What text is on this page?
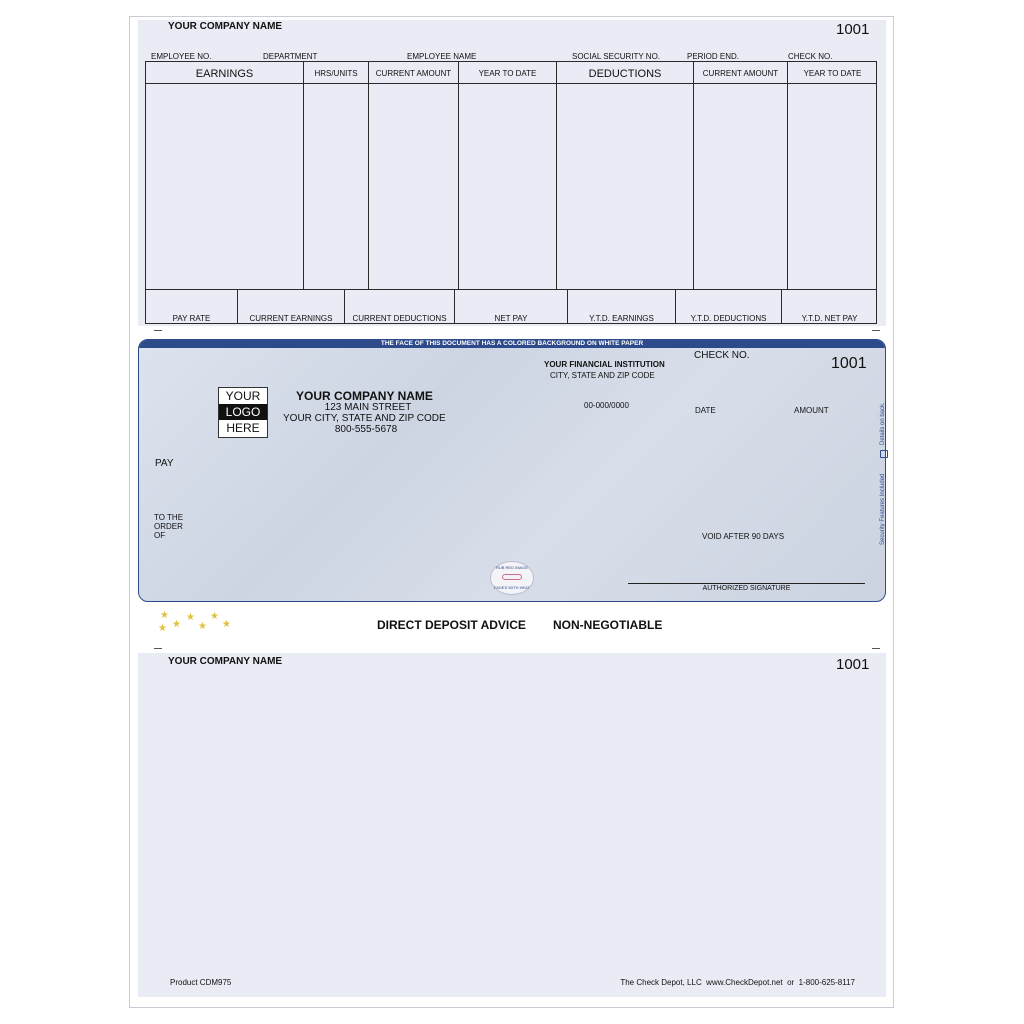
YOUR COMPANY NAME	1001
EMPLOYEE NO.	DEPARTMENT	EMPLOYEE NAME	SOCIAL SECURITY NO.	PERIOD END.	CHECK NO.
EARNINGS	HRS/UNITS	CURRENT AMOUNT	YEAR TO DATE	DEDUCTIONS	CURRENT AMOUNT	YEAR TO DATE
PAY RATE	CURRENT EARNINGS	CURRENT DEDUCTIONS	NET PAY	Y.T.D. EARNINGS	Y.T.D. DEDUCTIONS	Y.T.D. NET PAY
THE FACE OF THIS DOCUMENT HAS A COLORED BACKGROUND ON WHITE PAPER
YOUR
LOGO
HERE
YOUR COMPANY NAME
123 MAIN STREET
YOUR CITY, STATE AND ZIP CODE
800-555-5678
YOUR FINANCIAL INSTITUTION
CITY, STATE AND ZIP CODE
00-000/0000
CHECK NO.	1001
DATE	AMOUNT
PAY
TO THE
ORDER
OF	VOID AFTER 90 DAYS
AUTHORIZED SIGNATURE
RUB RED IMAGE
FADES WITH HEAT
Security Features Included
Details on back.
★
★
★
★
★
★
★	DIRECT DEPOSIT ADVICE NON-NEGOTIABLE
YOUR COMPANY NAME	1001
Product CDM975	The Check Depot, LLC  www.CheckDepot.net  or  1-800-625-8117
